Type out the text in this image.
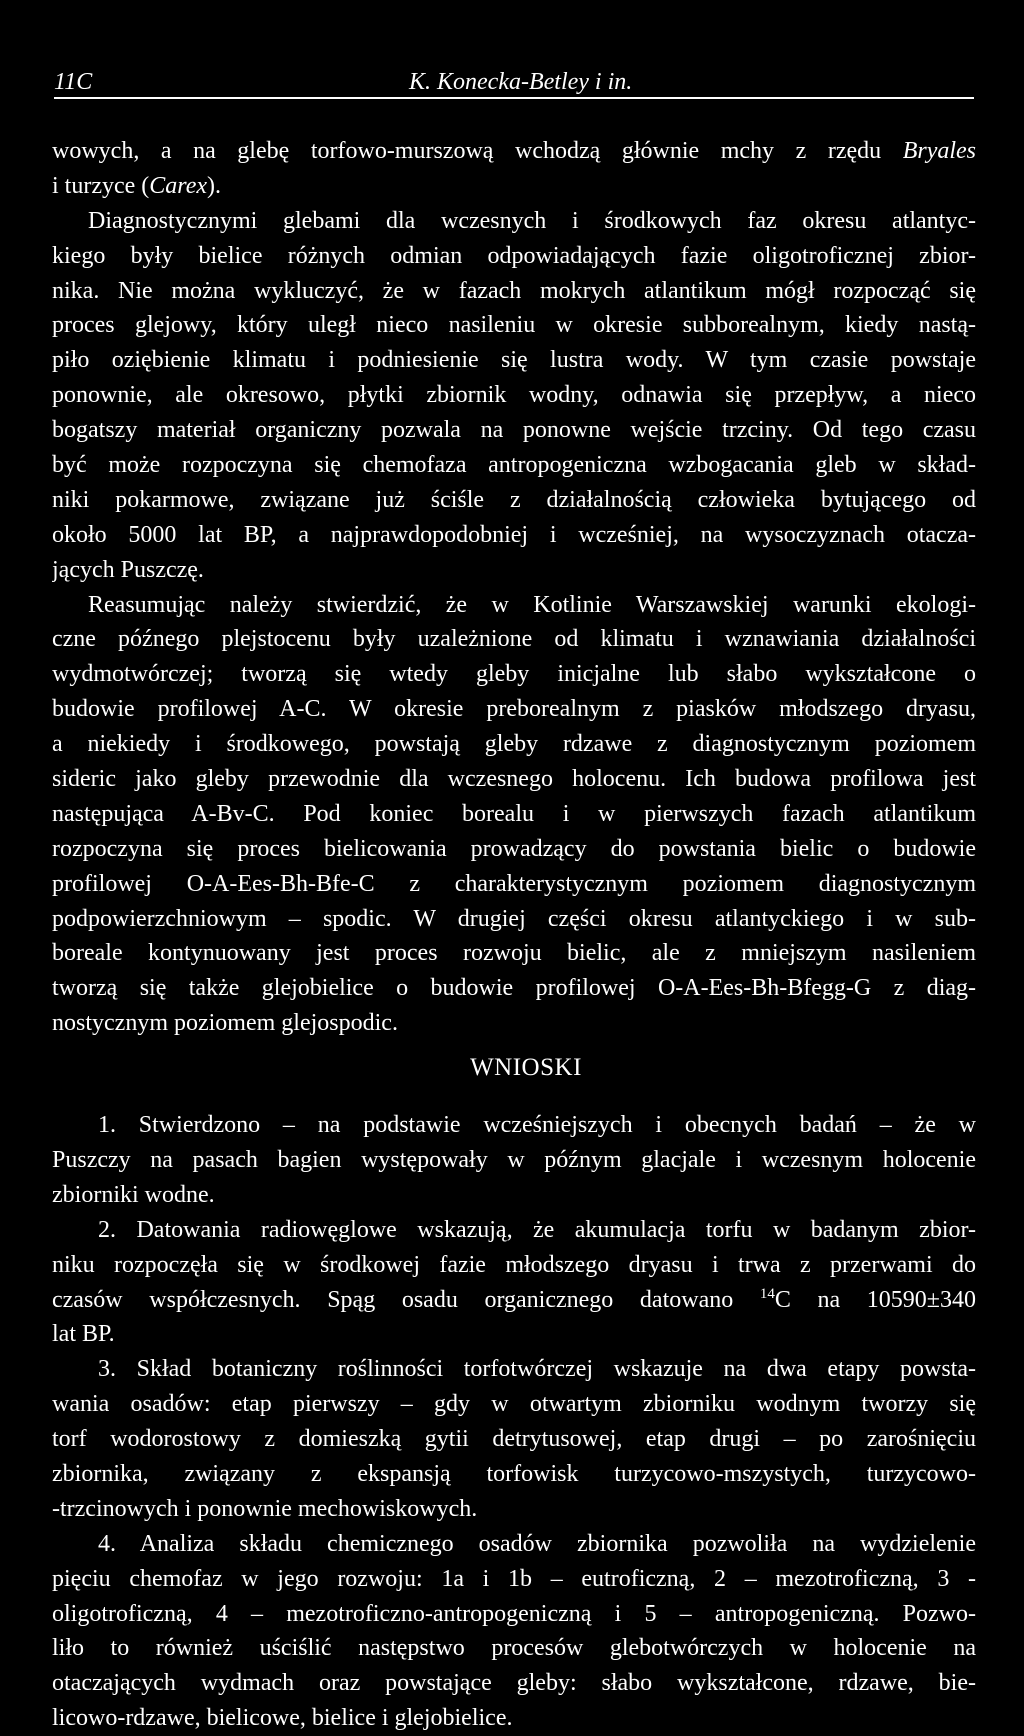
11C	K. Konecka-Betley i in.
wowych, a na glebę torfowo-murszową wchodzą głównie mchy z rzędu Bryales
i turzyce (Carex).
Diagnostycznymi glebami dla wczesnych i środkowych faz okresu atlantyc-
kiego były bielice różnych odmian odpowiadających fazie oligotroficznej zbior-
nika. Nie można wykluczyć, że w fazach mokrych atlantikum mógł rozpocząć się
proces glejowy, który uległ nieco nasileniu w okresie subborealnym, kiedy nastą-
piło oziębienie klimatu i podniesienie się lustra wody. W tym czasie powstaje
ponownie, ale okresowo, płytki zbiornik wodny, odnawia się przepływ, a nieco
bogatszy materiał organiczny pozwala na ponowne wejście trzciny. Od tego czasu
być może rozpoczyna się chemofaza antropogeniczna wzbogacania gleb w skład-
niki pokarmowe, związane już ściśle z działalnością człowieka bytującego od
około 5000 lat BP, a najprawdopodobniej i wcześniej, na wysoczyznach otacza-
jących Puszczę.
Reasumując należy stwierdzić, że w Kotlinie Warszawskiej warunki ekologi-
czne późnego plejstocenu były uzależnione od klimatu i wznawiania działalności
wydmotwórczej; tworzą się wtedy gleby inicjalne lub słabo wykształcone o
budowie profilowej A-C. W okresie preborealnym z piasków młodszego dryasu,
a niekiedy i środkowego, powstają gleby rdzawe z diagnostycznym poziomem
sideric jako gleby przewodnie dla wczesnego holocenu. Ich budowa profilowa jest
następująca A-Bv-C. Pod koniec borealu i w pierwszych fazach atlantikum
rozpoczyna się proces bielicowania prowadzący do powstania bielic o budowie
profilowej O-A-Ees-Bh-Bfe-C z charakterystycznym poziomem diagnostycznym
podpowierzchniowym – spodic. W drugiej części okresu atlantyckiego i w sub-
boreale kontynuowany jest proces rozwoju bielic, ale z mniejszym nasileniem
tworzą się także glejobielice o budowie profilowej O-A-Ees-Bh-Bfegg-G z diag-
nostycznym poziomem glejospodic.
WNIOSKI
1. Stwierdzono – na podstawie wcześniejszych i obecnych badań – że w
Puszczy na pasach bagien występowały w późnym glacjale i wczesnym holocenie
zbiorniki wodne.
2. Datowania radiowęglowe wskazują, że akumulacja torfu w badanym zbior-
niku rozpoczęła się w środkowej fazie młodszego dryasu i trwa z przerwami do
czasów współczesnych. Spąg osadu organicznego datowano $^{14}$C na 10590±340
lat BP.
3. Skład botaniczny roślinności torfotwórczej wskazuje na dwa etapy powsta-
wania osadów: etap pierwszy – gdy w otwartym zbiorniku wodnym tworzy się
torf wodorostowy z domieszką gytii detrytusowej, etap drugi – po zarośnięciu
zbiornika, związany z ekspansją torfowisk turzycowo-mszystych, turzycowo-
-trzcinowych i ponownie mechowiskowych.
4. Analiza składu chemicznego osadów zbiornika pozwoliła na wydzielenie
pięciu chemofaz w jego rozwoju: 1a i 1b – eutroficzną, 2 – mezotroficzną, 3 -
oligotroficzną, 4 – mezotroficzno-antropogeniczną i 5 – antropogeniczną. Pozwo-
liło to również uściślić następstwo procesów glebotwórczych w holocenie na
otaczających wydmach oraz powstające gleby: słabo wykształcone, rdzawe, bie-
licowo-rdzawe, bielicowe, bielice i glejobielice.
